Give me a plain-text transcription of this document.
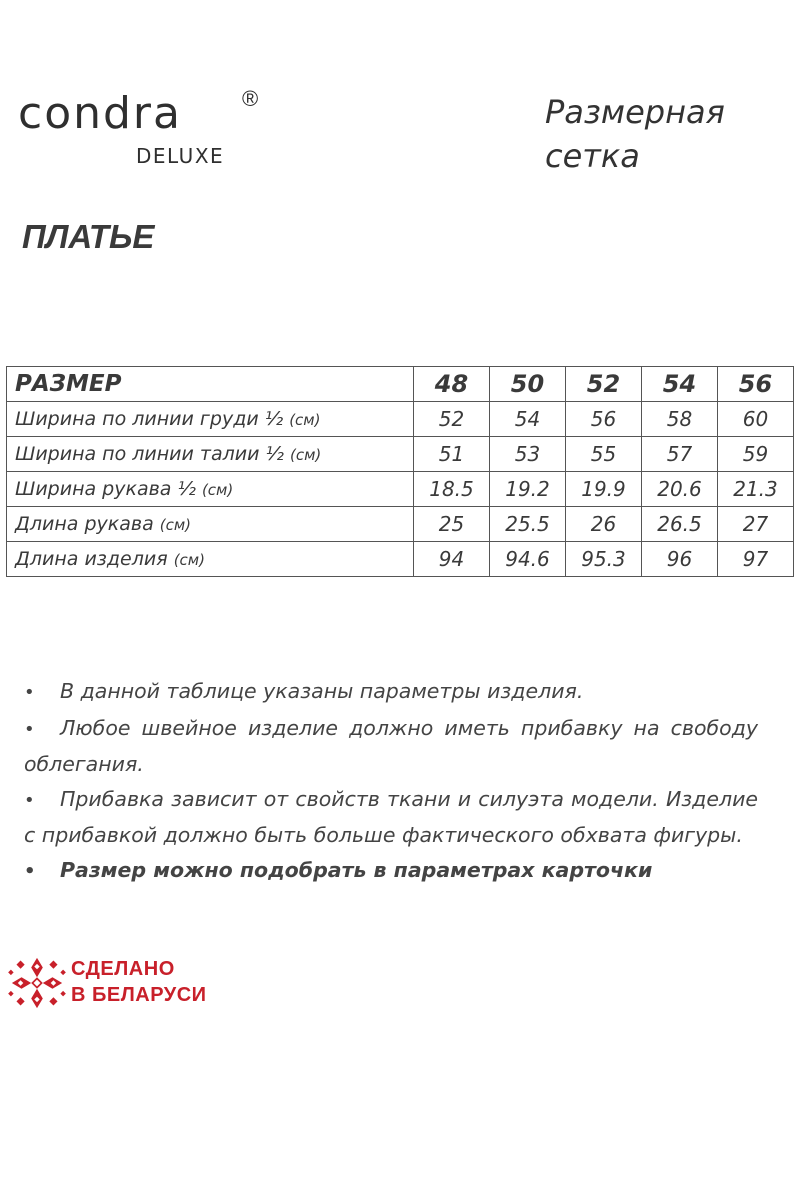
condra	®
DELUXE
Размерная
сетка
ПЛАТЬЕ
РАЗМЕР	48	50	52	54	56
Ширина по линии груди ½ (см)	52	54	56	58	60
Ширина по линии талии ½ (см)	51	53	55	57	59
Ширина рукава ½ (см)	18.5	19.2	19.9	20.6	21.3
Длина рукава (см)	25	25.5	26	26.5	27
Длина изделия (см)	94	94.6	95.3	96	97

• В данной таблице указаны параметры изделия.

• Любое швейное изделие должно иметь прибавку на свободу облегания.

• Прибавка зависит от свойств ткани и силуэта модели. Изделие с прибавкой должно быть больше фактического обхвата фигуры.

• Размер можно подобрать в параметрах карточки

СДЕЛАНО
В БЕЛАРУСИ
